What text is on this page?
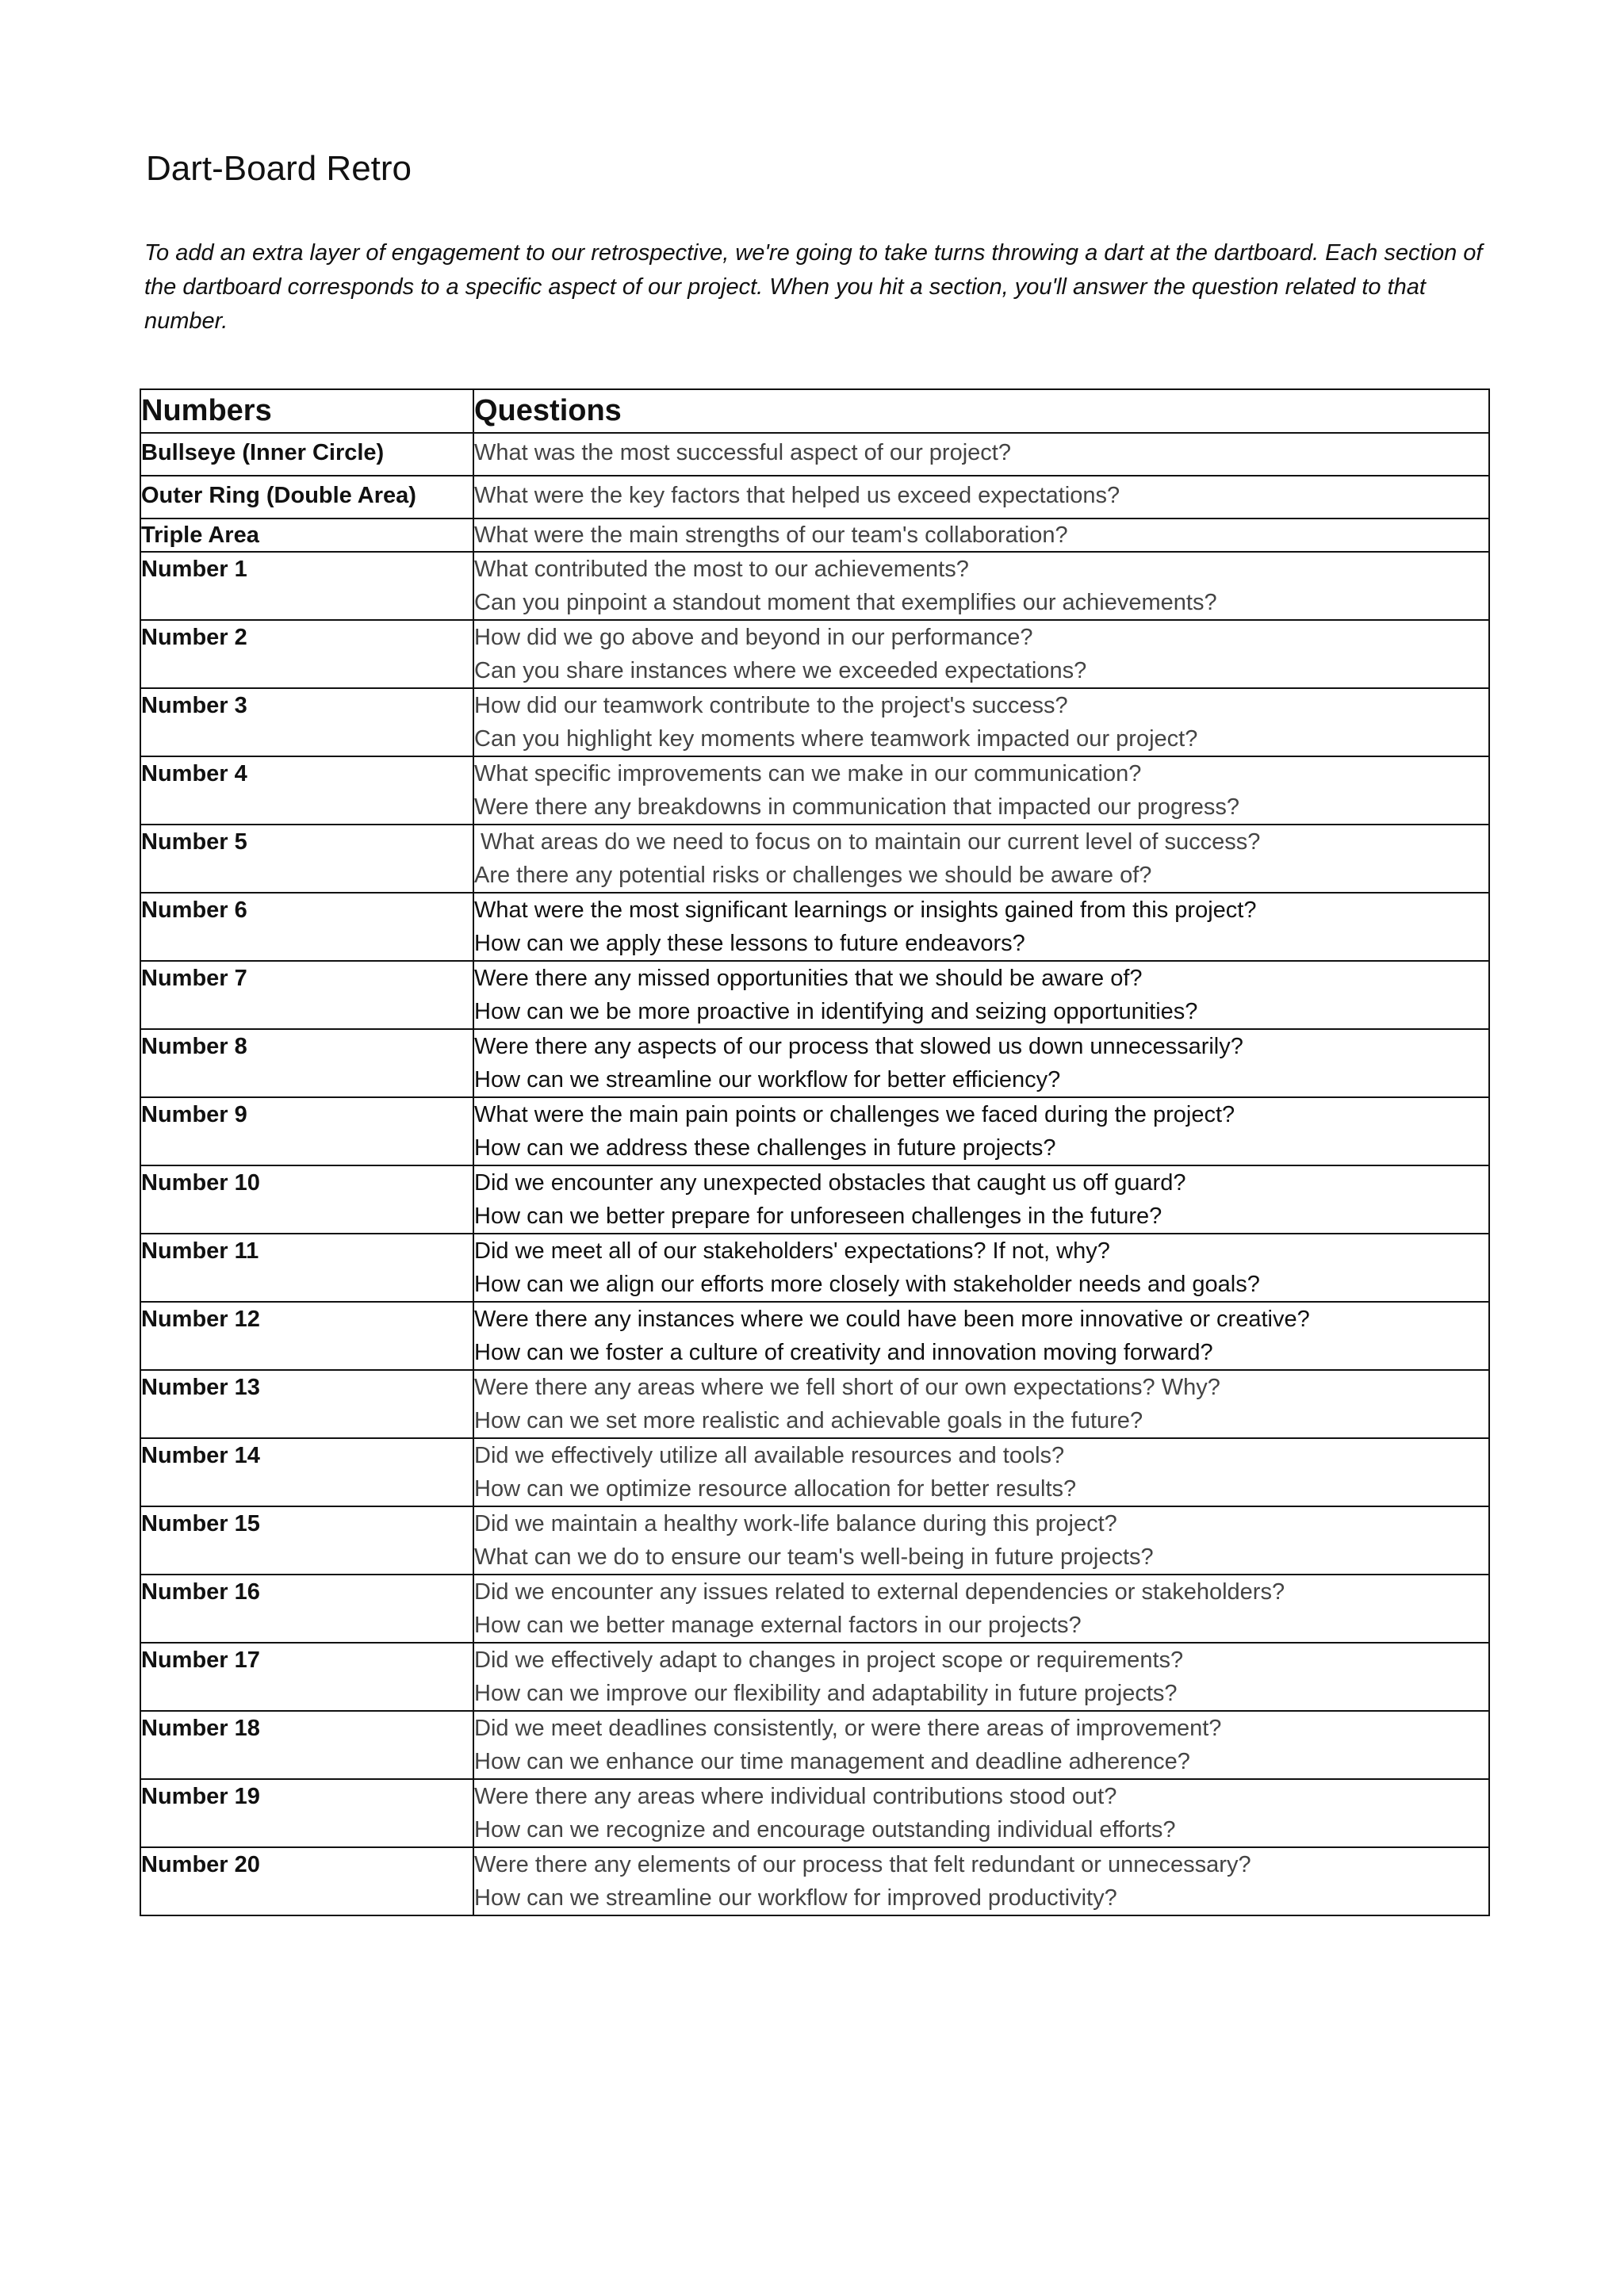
Dart-Board Retro

To add an extra layer of engagement to our retrospective, we're going to take turns throwing a dart at the dartboard. Each section of the dartboard corresponds to a specific aspect of our project. When you hit a section, you'll answer the question related to that number.

Numbers	Questions
Bullseye (Inner Circle)	What was the most successful aspect of our project?

Outer Ring (Double Area)	What were the key factors that helped us exceed expectations?

Triple Area	What were the main strengths of our team's collaboration?

Number 1	What contributed the most to our achievements?
Can you pinpoint a standout moment that exemplifies our achievements?

Number 2	How did we go above and beyond in our performance?
Can you share instances where we exceeded expectations?

Number 3	How did our teamwork contribute to the project's success?
Can you highlight key moments where teamwork impacted our project?

Number 4	What specific improvements can we make in our communication?
Were there any breakdowns in communication that impacted our progress?

Number 5	What areas do we need to focus on to maintain our current level of success?
Are there any potential risks or challenges we should be aware of?

Number 6	What were the most significant learnings or insights gained from this project?
How can we apply these lessons to future endeavors?

Number 7	Were there any missed opportunities that we should be aware of?
How can we be more proactive in identifying and seizing opportunities?

Number 8	Were there any aspects of our process that slowed us down unnecessarily?
How can we streamline our workflow for better efficiency?

Number 9	What were the main pain points or challenges we faced during the project?
How can we address these challenges in future projects?

Number 10	Did we encounter any unexpected obstacles that caught us off guard?
How can we better prepare for unforeseen challenges in the future?

Number 11	Did we meet all of our stakeholders' expectations? If not, why?
How can we align our efforts more closely with stakeholder needs and goals?

Number 12	Were there any instances where we could have been more innovative or creative?
How can we foster a culture of creativity and innovation moving forward?

Number 13	Were there any areas where we fell short of our own expectations? Why?
How can we set more realistic and achievable goals in the future?

Number 14	Did we effectively utilize all available resources and tools?
How can we optimize resource allocation for better results?

Number 15	Did we maintain a healthy work-life balance during this project?
What can we do to ensure our team's well-being in future projects?

Number 16	Did we encounter any issues related to external dependencies or stakeholders?
How can we better manage external factors in our projects?

Number 17	Did we effectively adapt to changes in project scope or requirements?
How can we improve our flexibility and adaptability in future projects?

Number 18	Did we meet deadlines consistently, or were there areas of improvement?
How can we enhance our time management and deadline adherence?

Number 19	Were there any areas where individual contributions stood out?
How can we recognize and encourage outstanding individual efforts?

Number 20	Were there any elements of our process that felt redundant or unnecessary?
How can we streamline our workflow for improved productivity?
